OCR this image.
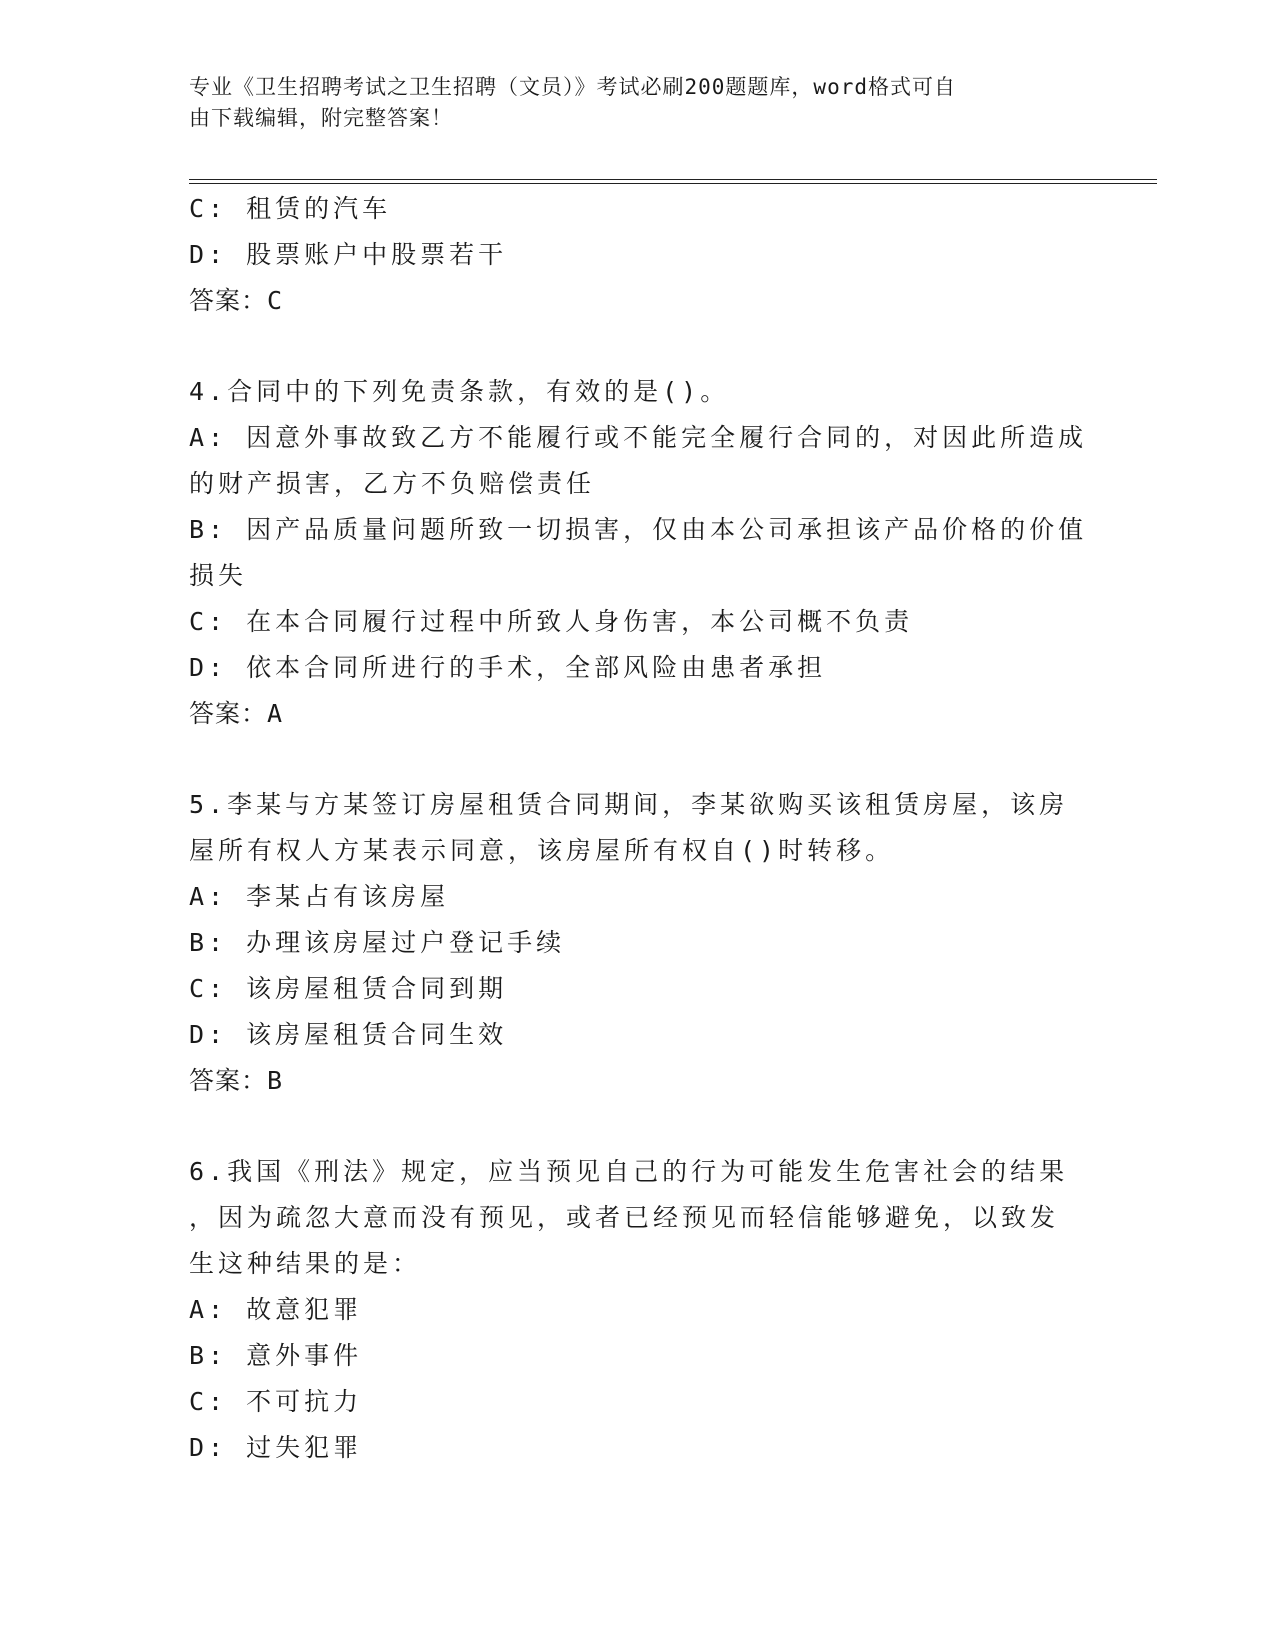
专业《卫生招聘考试之卫生招聘（文员）》考试必刷200题题库，word格式可自
由下载编辑，附完整答案！
C: 租赁的汽车
D: 股票账户中股票若干
答案：C
4.合同中的下列免责条款，有效的是()。
A: 因意外事故致乙方不能履行或不能完全履行合同的，对因此所造成
的财产损害，乙方不负赔偿责任
B: 因产品质量问题所致一切损害，仅由本公司承担该产品价格的价值
损失
C: 在本合同履行过程中所致人身伤害，本公司概不负责
D: 依本合同所进行的手术，全部风险由患者承担
答案：A
5.李某与方某签订房屋租赁合同期间，李某欲购买该租赁房屋，该房
屋所有权人方某表示同意，该房屋所有权自()时转移。
A: 李某占有该房屋
B: 办理该房屋过户登记手续
C: 该房屋租赁合同到期
D: 该房屋租赁合同生效
答案：B
6.我国《刑法》规定，应当预见自己的行为可能发生危害社会的结果
，因为疏忽大意而没有预见，或者已经预见而轻信能够避免，以致发
生这种结果的是：
A: 故意犯罪
B: 意外事件
C: 不可抗力
D: 过失犯罪
